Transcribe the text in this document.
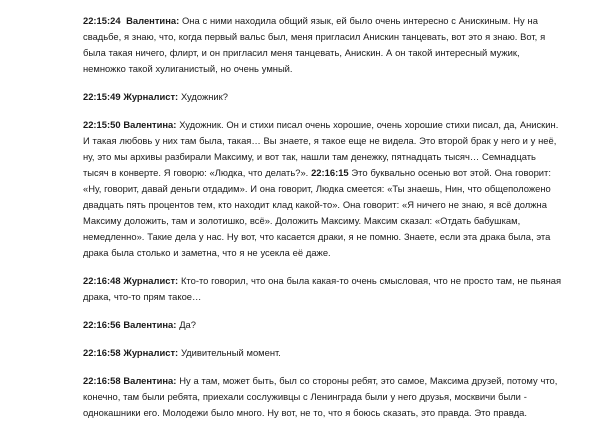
22:15:24 Валентина: Она с ними находила общий язык, ей было очень интересно с Анискиным. Ну на свадьбе, я знаю, что, когда первый вальс был, меня пригласил Анискин танцевать, вот это я знаю. Вот, я была такая ничего, флирт, и он пригласил меня танцевать, Анискин. А он такой интересный мужик, немножко такой хулиганистый, но очень умный.

22:15:49 Журналист: Художник?

22:15:50 Валентина: Художник. Он и стихи писал очень хорошие, очень хорошие стихи писал, да, Анискин. И такая любовь у них там была, такая… Вы знаете, я такое еще не видела. Это второй брак у него и у неё, ну, это мы архивы разбирали Максиму, и вот так, нашли там денежку, пятнадцать тысяч… Семнадцать тысяч в конверте. Я говорю: «Людка, что делать?». 22:16:15 Это буквально осенью вот этой. Она говорит: «Ну, говорит, давай деньги отдадим». И она говорит, Людка смеется: «Ты знаешь, Нин, что общеположено двадцать пять процентов тем, кто находит клад какой-то». Она говорит: «Я ничего не знаю, я всё должна Максиму доложить, там и золотишко, всё». Доложить Максиму. Максим сказал: «Отдать бабушкам, немедленно». Такие дела у нас. Ну вот, что касается драки, я не помню. Знаете, если эта драка была, эта драка была столько и заметна, что я не усекла её даже.

22:16:48 Журналист: Кто-то говорил, что она была какая-то очень смысловая, что не просто там, не пьяная драка, что-то прям такое…

22:16:56 Валентина: Да?

22:16:58 Журналист: Удивительный момент.

22:16:58 Валентина: Ну а там, может быть, был со стороны ребят, это самое, Максима друзей, потому что, конечно, там были ребята, приехали сослуживцы с Ленинграда были у него друзья, москвичи были - однокашники его. Молодежи было много. Ну вот, не то, что я боюсь сказать, это правда. Это правда.
